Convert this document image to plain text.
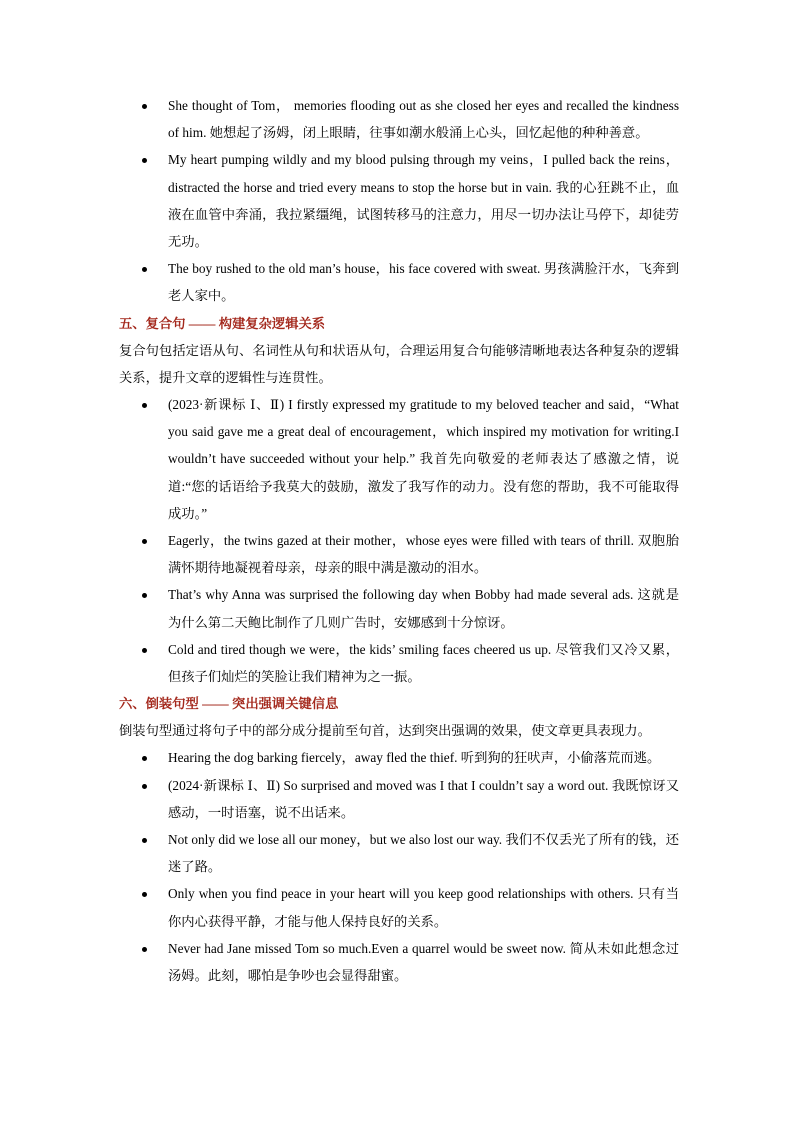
She thought of Tom， memories flooding out as she closed her eyes and recalled the kindness of him. 她想起了汤姆，闭上眼睛，往事如潮水般涌上心头，回忆起他的种种善意。
My heart pumping wildly and my blood pulsing through my veins，I pulled back the reins，distracted the horse and tried every means to stop the horse but in vain. 我的心狂跳不止，血液在血管中奔涌，我拉紧缰绳，试图转移马的注意力，用尽一切办法让马停下，却徒劳无功。
The boy rushed to the old man’s house，his face covered with sweat. 男孩满脸汗水，飞奔到老人家中。

五、复合句 —— 构建复杂逻辑关系

复合句包括定语从句、名词性从句和状语从句，合理运用复合句能够清晰地表达各种复杂的逻辑关系，提升文章的逻辑性与连贯性。

(2023·新课标 Ⅰ、Ⅱ) I firstly expressed my gratitude to my beloved teacher and said，“What you said gave me a great deal of encouragement，which inspired my motivation for writing.I wouldn’t have succeeded without your help.” 我首先向敬爱的老师表达了感激之情，说道:“您的话语给予我莫大的鼓励，激发了我写作的动力。没有您的帮助，我不可能取得成功。”
Eagerly，the twins gazed at their mother，whose eyes were filled with tears of thrill. 双胞胎满怀期待地凝视着母亲，母亲的眼中满是激动的泪水。
That’s why Anna was surprised the following day when Bobby had made several ads. 这就是为什么第二天鲍比制作了几则广告时，安娜感到十分惊讶。
Cold and tired though we were，the kids’ smiling faces cheered us up. 尽管我们又冷又累，但孩子们灿烂的笑脸让我们精神为之一振。

六、倒装句型 —— 突出强调关键信息

倒装句型通过将句子中的部分成分提前至句首，达到突出强调的效果，使文章更具表现力。

Hearing the dog barking fiercely，away fled the thief. 听到狗的狂吠声，小偷落荒而逃。
(2024·新课标 Ⅰ、Ⅱ) So surprised and moved was I that I couldn’t say a word out. 我既惊讶又感动，一时语塞，说不出话来。
Not only did we lose all our money，but we also lost our way. 我们不仅丢光了所有的钱，还迷了路。
Only when you find peace in your heart will you keep good relationships with others. 只有当你内心获得平静，才能与他人保持良好的关系。
Never had Jane missed Tom so much.Even a quarrel would be sweet now. 简从未如此想念过汤姆。此刻，哪怕是争吵也会显得甜蜜。
